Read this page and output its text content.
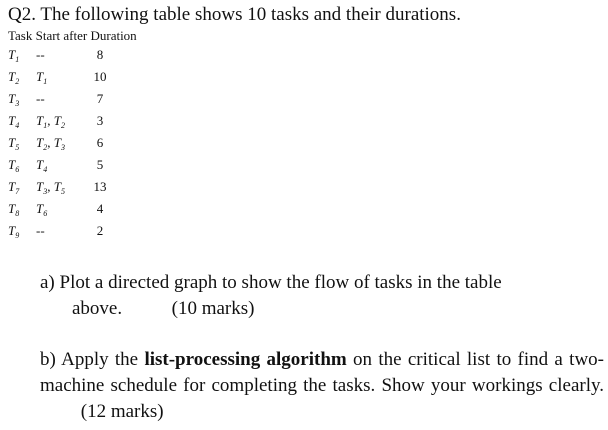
Q2. The following table shows 10 tasks and their durations.
Task Start after Duration
$T_1$ --	8
$T_2$ $T_1$	10
$T_3$ --	7
$T_4$ $T_1$, $T_2$	3
$T_5$ $T_2$, $T_3$	6
$T_6$ $T_4$	5
$T_7$ $T_3$, $T_5$ 13
$T_8$ $T_6$	4
$T_9$ --	2
a) Plot a directed graph to show the flow of tasks in the table
above.	(10 marks)
b) Apply the list-processing algorithm on the critical list to find a two-machine schedule for completing the tasks. Show your workings clearly.  (12 marks)
